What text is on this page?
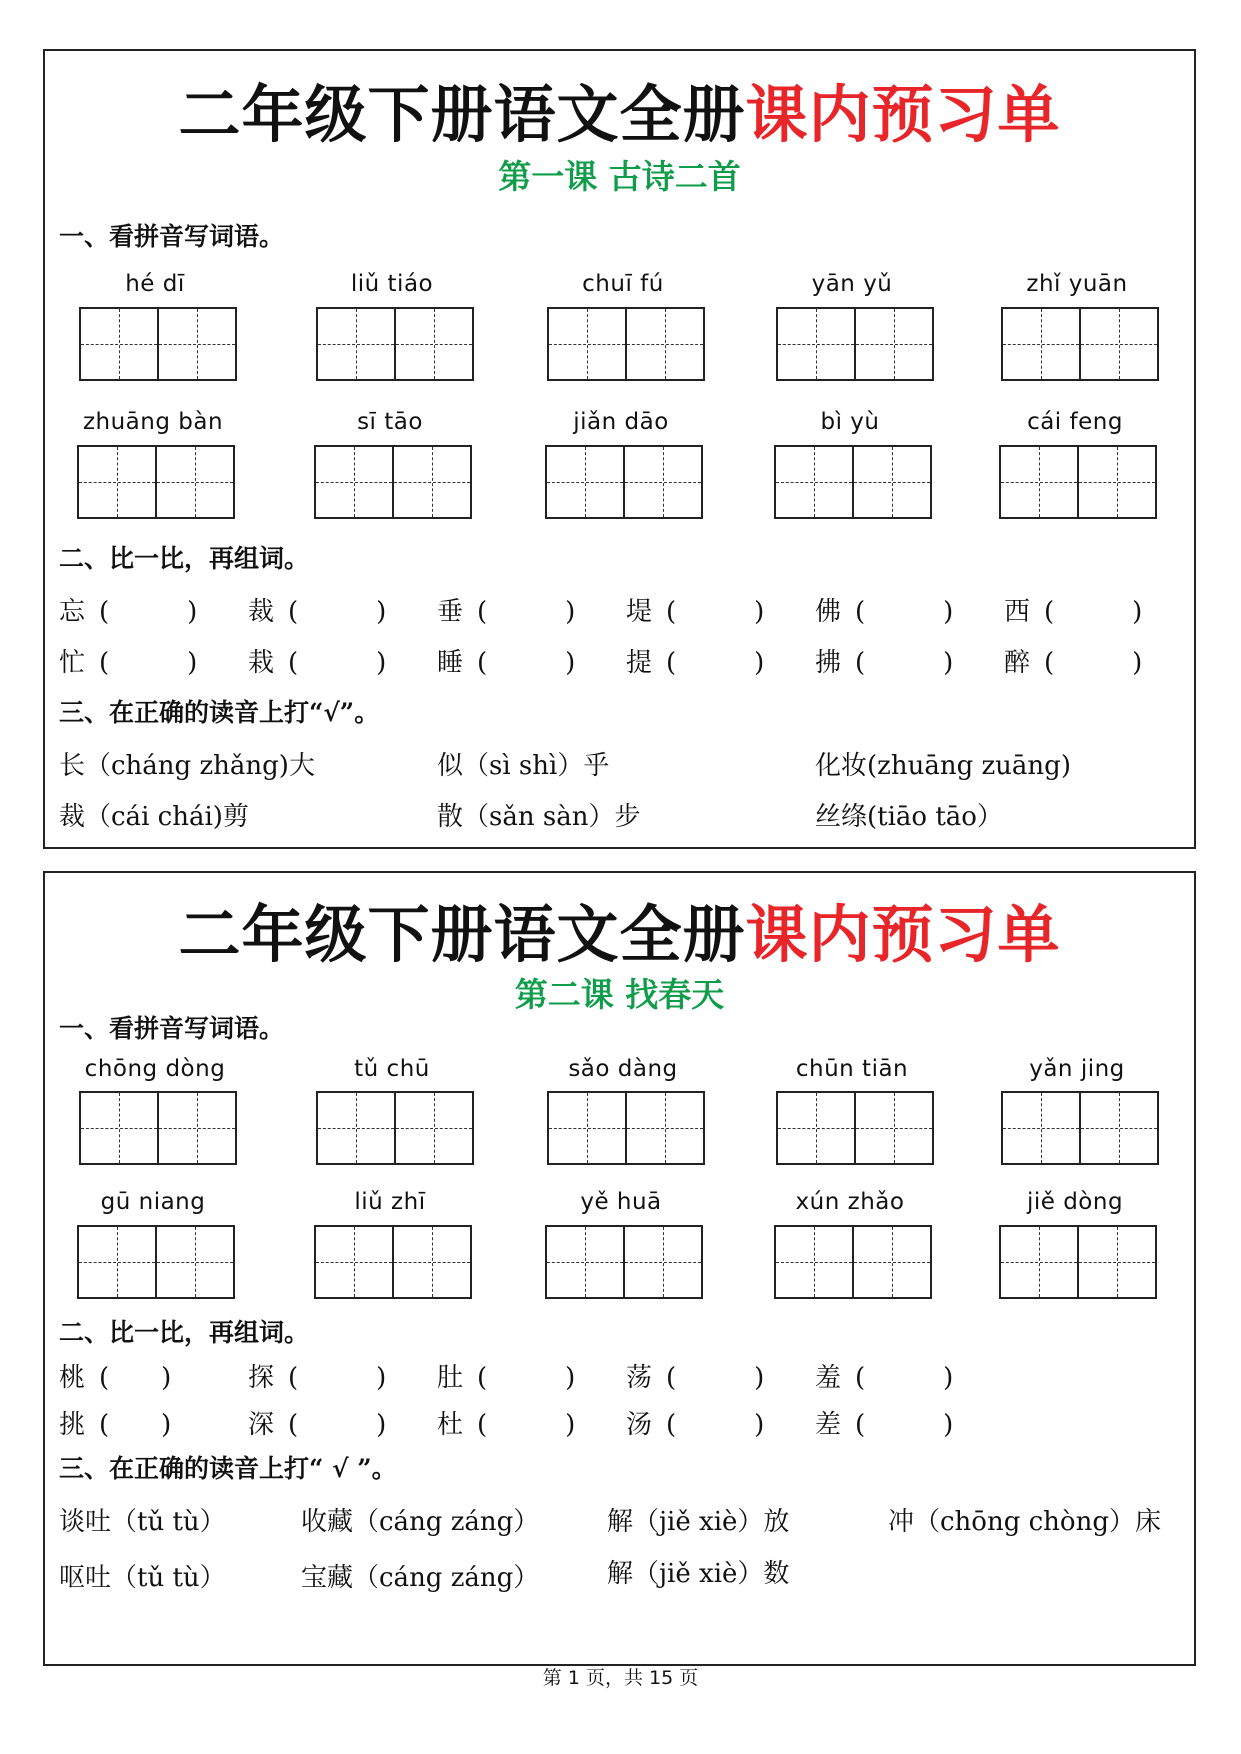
二年级下册语文全册课内预习单
第一课 古诗二首
一、看拼音写词语。
hé dī	liǔ tiáo	chuī fú	yān yǔ	zhǐ yuān
zhuāng bàn	sī tāo	jiǎn dāo	bì yù	cái feng
二、比一比，再组词。
忘 (　　　) 裁 (　　　) 垂 (　　　) 堤 (　　　) 佛 (　　　) 西 (　　　)
忙 (　　　) 栽 (　　　) 睡 (　　　) 提 (　　　) 拂 (　　　) 醉 (　　　)
三、在正确的读音上打“√”。
长（cháng zhǎng)大	似（sì shì）乎	化妆(zhuāng zuāng)
裁（cái chái)剪	散（sǎn sàn）步	丝绦(tiāo tāo）
二年级下册语文全册课内预习单
第二课 找春天
一、看拼音写词语。
chōng dòng	tǔ chū	sǎo dàng	chūn tiān	yǎn jing
gū niang	liǔ zhī	yě huā	xún zhǎo	jiě dòng
二、比一比，再组词。
桃 (　　)	探 (　　　) 肚 (　　　) 荡 (　　　) 羞 (　　　)
挑 (　　)	深 (　　　) 杜 (　　　) 汤 (　　　) 差 (　　　)
三、在正确的读音上打“ √ ”。
谈吐（tǔ tù）	收藏（cáng záng）	解（jiě xiè）放	冲（chōng chòng）床
呕吐（tǔ tù）	宝藏（cáng záng）	解（jiě xiè）数
第 1 页，共 15 页
